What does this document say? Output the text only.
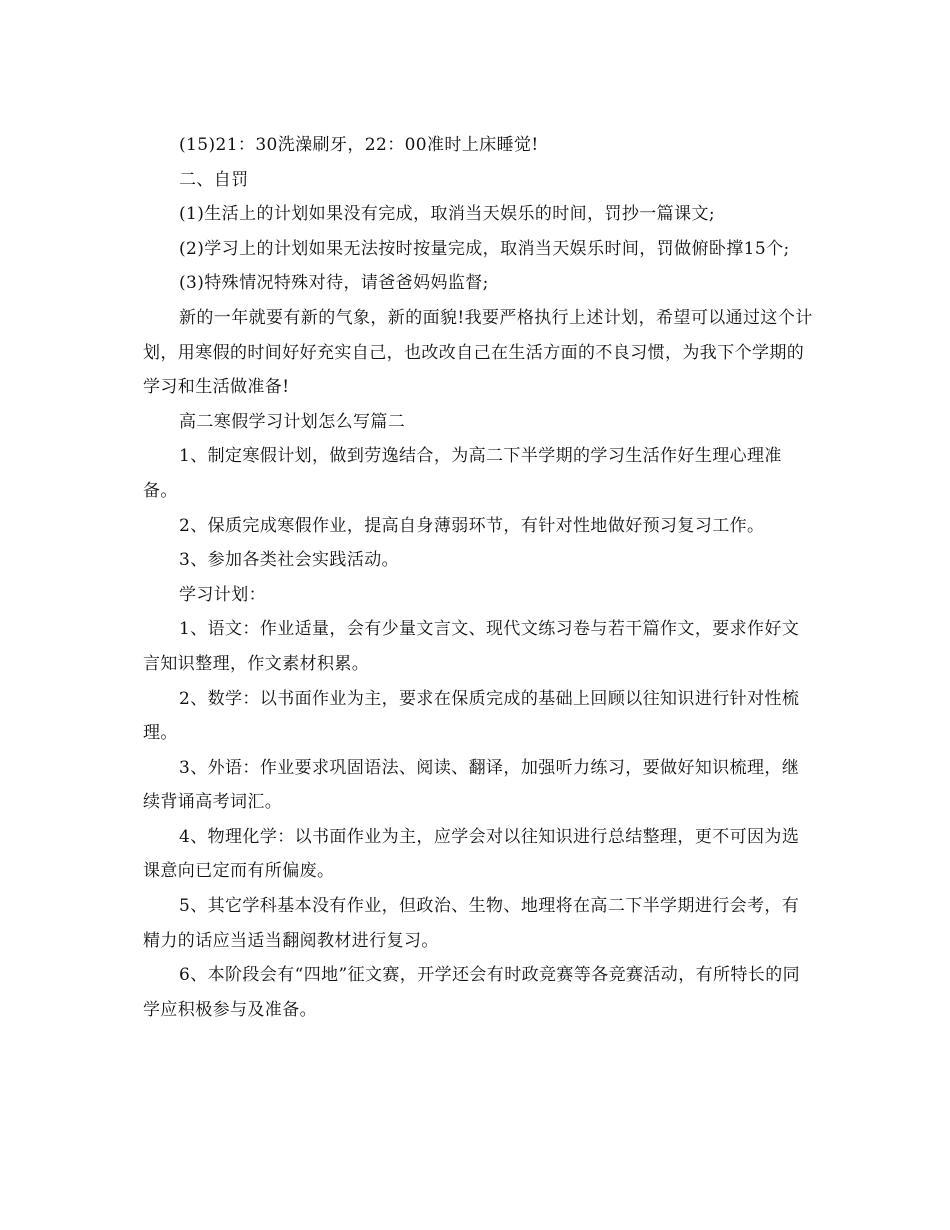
(15)21：30洗澡刷牙，22：00准时上床睡觉!

二、自罚

(1)生活上的计划如果没有完成，取消当天娱乐的时间，罚抄一篇课文;

(2)学习上的计划如果无法按时按量完成，取消当天娱乐时间，罚做俯卧撑15个;

(3)特殊情况特殊对待，请爸爸妈妈监督;

新的一年就要有新的气象，新的面貌!我要严格执行上述计划，希望可以通过这个计划，用寒假的时间好好充实自己，也改改自己在生活方面的不良习惯，为我下个学期的学习和生活做准备!

高二寒假学习计划怎么写篇二

1、制定寒假计划，做到劳逸结合，为高二下半学期的学习生活作好生理心理准备。

2、保质完成寒假作业，提高自身薄弱环节，有针对性地做好预习复习工作。

3、参加各类社会实践活动。

学习计划：

1、语文：作业适量，会有少量文言文、现代文练习卷与若干篇作文，要求作好文言知识整理，作文素材积累。

2、数学：以书面作业为主，要求在保质完成的基础上回顾以往知识进行针对性梳理。

3、外语：作业要求巩固语法、阅读、翻译，加强听力练习，要做好知识梳理，继续背诵高考词汇。

4、物理化学：以书面作业为主，应学会对以往知识进行总结整理，更不可因为选课意向已定而有所偏废。

5、其它学科基本没有作业，但政治、生物、地理将在高二下半学期进行会考，有精力的话应当适当翻阅教材进行复习。

6、本阶段会有“四地”征文赛，开学还会有时政竞赛等各竞赛活动，有所特长的同学应积极参与及准备。
